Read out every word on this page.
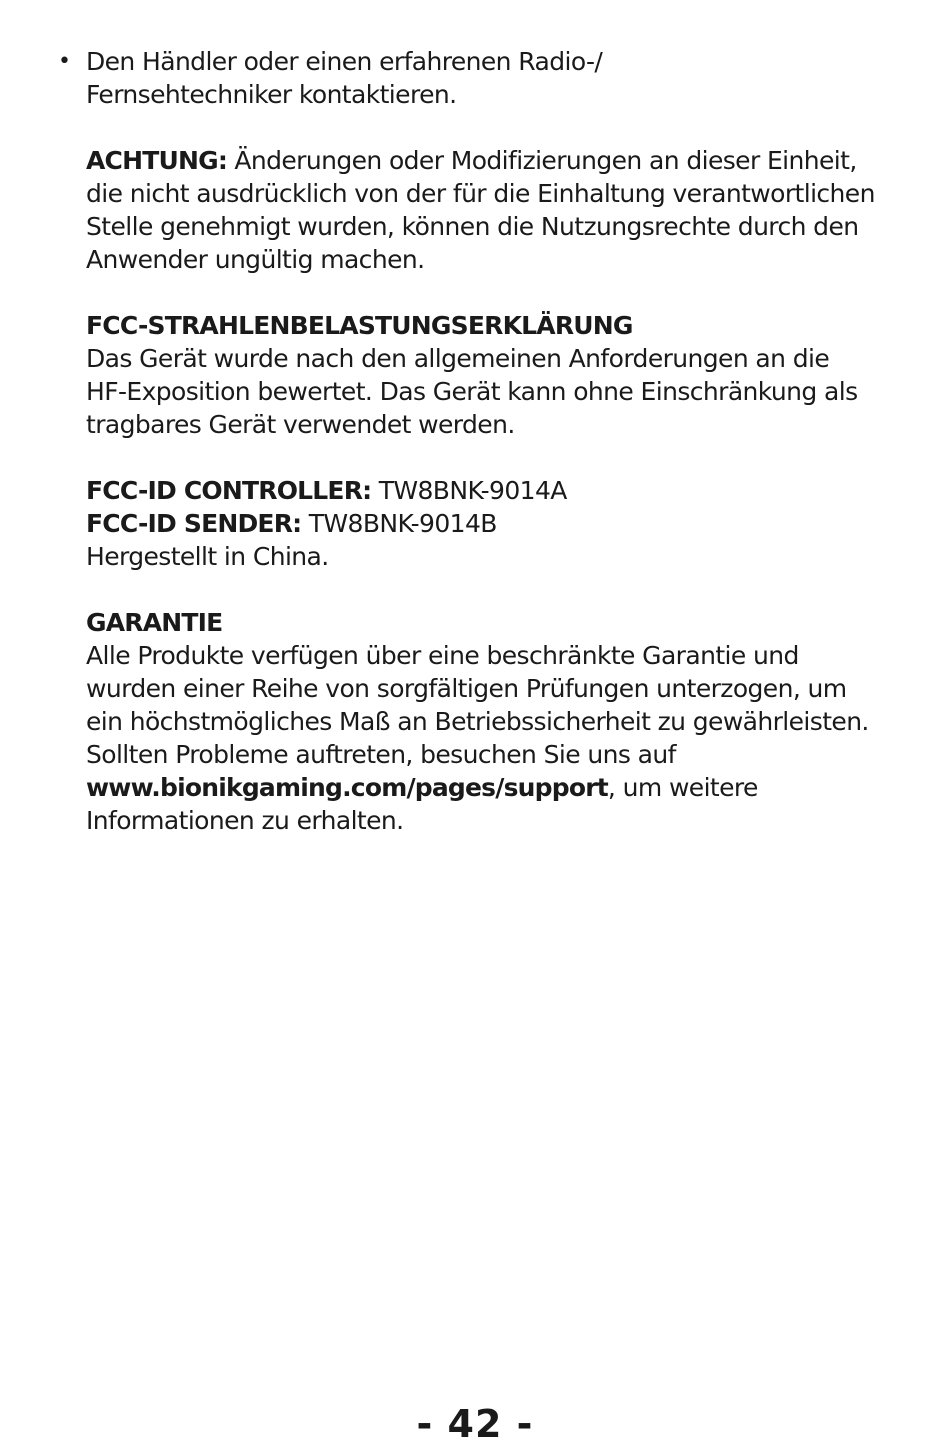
• Den Händler oder einen erfahrenen Radio-/
Fernsehtechniker kontaktieren.
ACHTUNG: Änderungen oder Modifizierungen an dieser Einheit,
die nicht ausdrücklich von der für die Einhaltung verantwortlichen
Stelle genehmigt wurden, können die Nutzungsrechte durch den
Anwender ungültig machen.
FCC-STRAHLENBELASTUNGSERKLÄRUNG
Das Gerät wurde nach den allgemeinen Anforderungen an die
HF-Exposition bewertet. Das Gerät kann ohne Einschränkung als
tragbares Gerät verwendet werden.
FCC-ID CONTROLLER: TW8BNK-9014A
FCC-ID SENDER: TW8BNK-9014B
Hergestellt in China.
GARANTIE
Alle Produkte verfügen über eine beschränkte Garantie und
wurden einer Reihe von sorgfältigen Prüfungen unterzogen, um
ein höchstmögliches Maß an Betriebssicherheit zu gewährleisten.
Sollten Probleme auftreten, besuchen Sie uns auf
www.bionikgaming.com/pages/support, um weitere
Informationen zu erhalten.
- 42 -
